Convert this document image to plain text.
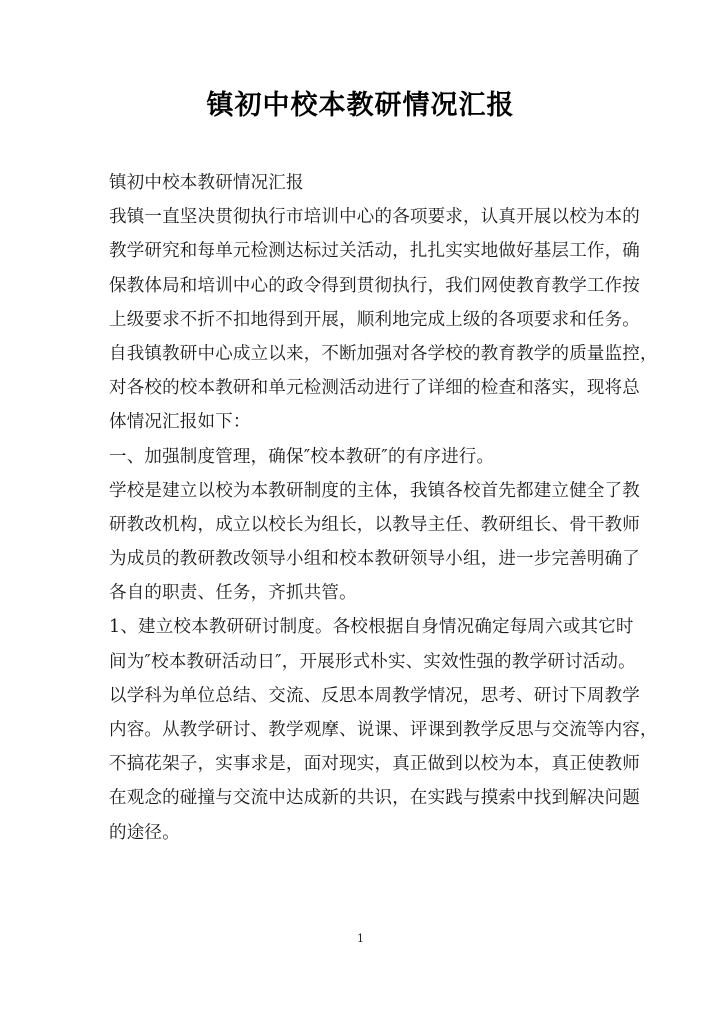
镇初中校本教研情况汇报
镇初中校本教研情况汇报
我镇一直坚决贯彻执行市培训中心的各项要求，认真开展以校为本的
教学研究和每单元检测达标过关活动，扎扎实实地做好基层工作，确
保教体局和培训中心的政令得到贯彻执行，我们网使教育教学工作按
上级要求不折不扣地得到开展，顺利地完成上级的各项要求和任务。
自我镇教研中心成立以来，不断加强对各学校的教育教学的质量监控，
对各校的校本教研和单元检测活动进行了详细的检查和落实，现将总
体情况汇报如下：
一、加强制度管理，确保″校本教研″的有序进行。
学校是建立以校为本教研制度的主体，我镇各校首先都建立健全了教
研教改机构，成立以校长为组长，以教导主任、教研组长、骨干教师
为成员的教研教改领导小组和校本教研领导小组，进一步完善明确了
各自的职责、任务，齐抓共管。
1、建立校本教研研讨制度。各校根据自身情况确定每周六或其它时
间为″校本教研活动日″，开展形式朴实、实效性强的教学研讨活动。
以学科为单位总结、交流、反思本周教学情况，思考、研讨下周教学
内容。从教学研讨、教学观摩、说课、评课到教学反思与交流等内容，
不搞花架子，实事求是，面对现实，真正做到以校为本，真正使教师
在观念的碰撞与交流中达成新的共识，在实践与摸索中找到解决问题
的途径。
1
